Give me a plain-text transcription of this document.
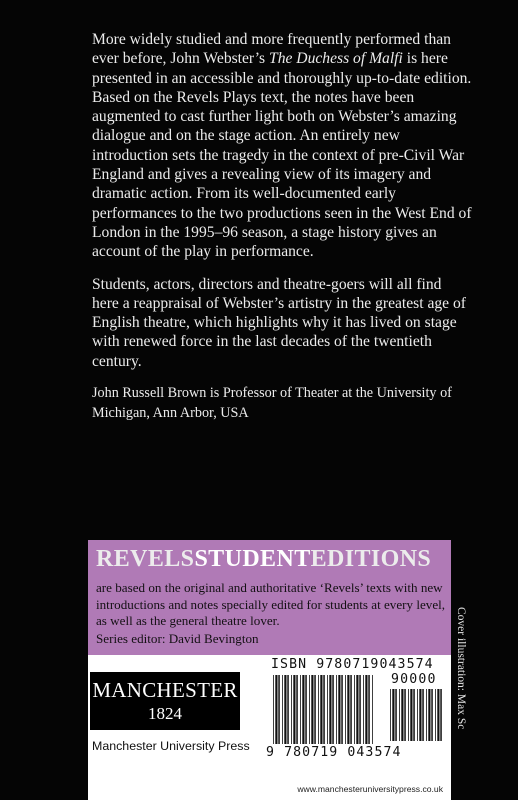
More widely studied and more frequently performed than ever before, John Webster’s The Duchess of Malfi is here presented in an accessible and thoroughly up-to-date edition. Based on the Revels Plays text, the notes have been augmented to cast further light both on Webster’s amazing dialogue and on the stage action. An entirely new introduction sets the tragedy in the context of pre-Civil War England and gives a revealing view of its imagery and dramatic action. From its well-documented early performances to the two productions seen in the West End of London in the 1995–96 season, a stage history gives an account of the play in performance.

Students, actors, directors and theatre-goers will all find here a reappraisal of Webster’s artistry in the greatest age of English theatre, which highlights why it has lived on stage with renewed force in the last decades of the twentieth century.

John Russell Brown is Professor of Theater at the University of Michigan, Ann Arbor, USA
REVELSSTUDENTEDITIONS
are based on the original and authoritative ‘Revels’ texts with new introductions and notes specially edited for students at every level, as well as the general theatre lover.
Series editor: David Bevington
MANCHESTER
1824
Manchester University Press
ISBN 9780719043574
90000
9 780719 043574
www.manchesteruniversitypress.co.uk
Cover illustration: Max Sc
